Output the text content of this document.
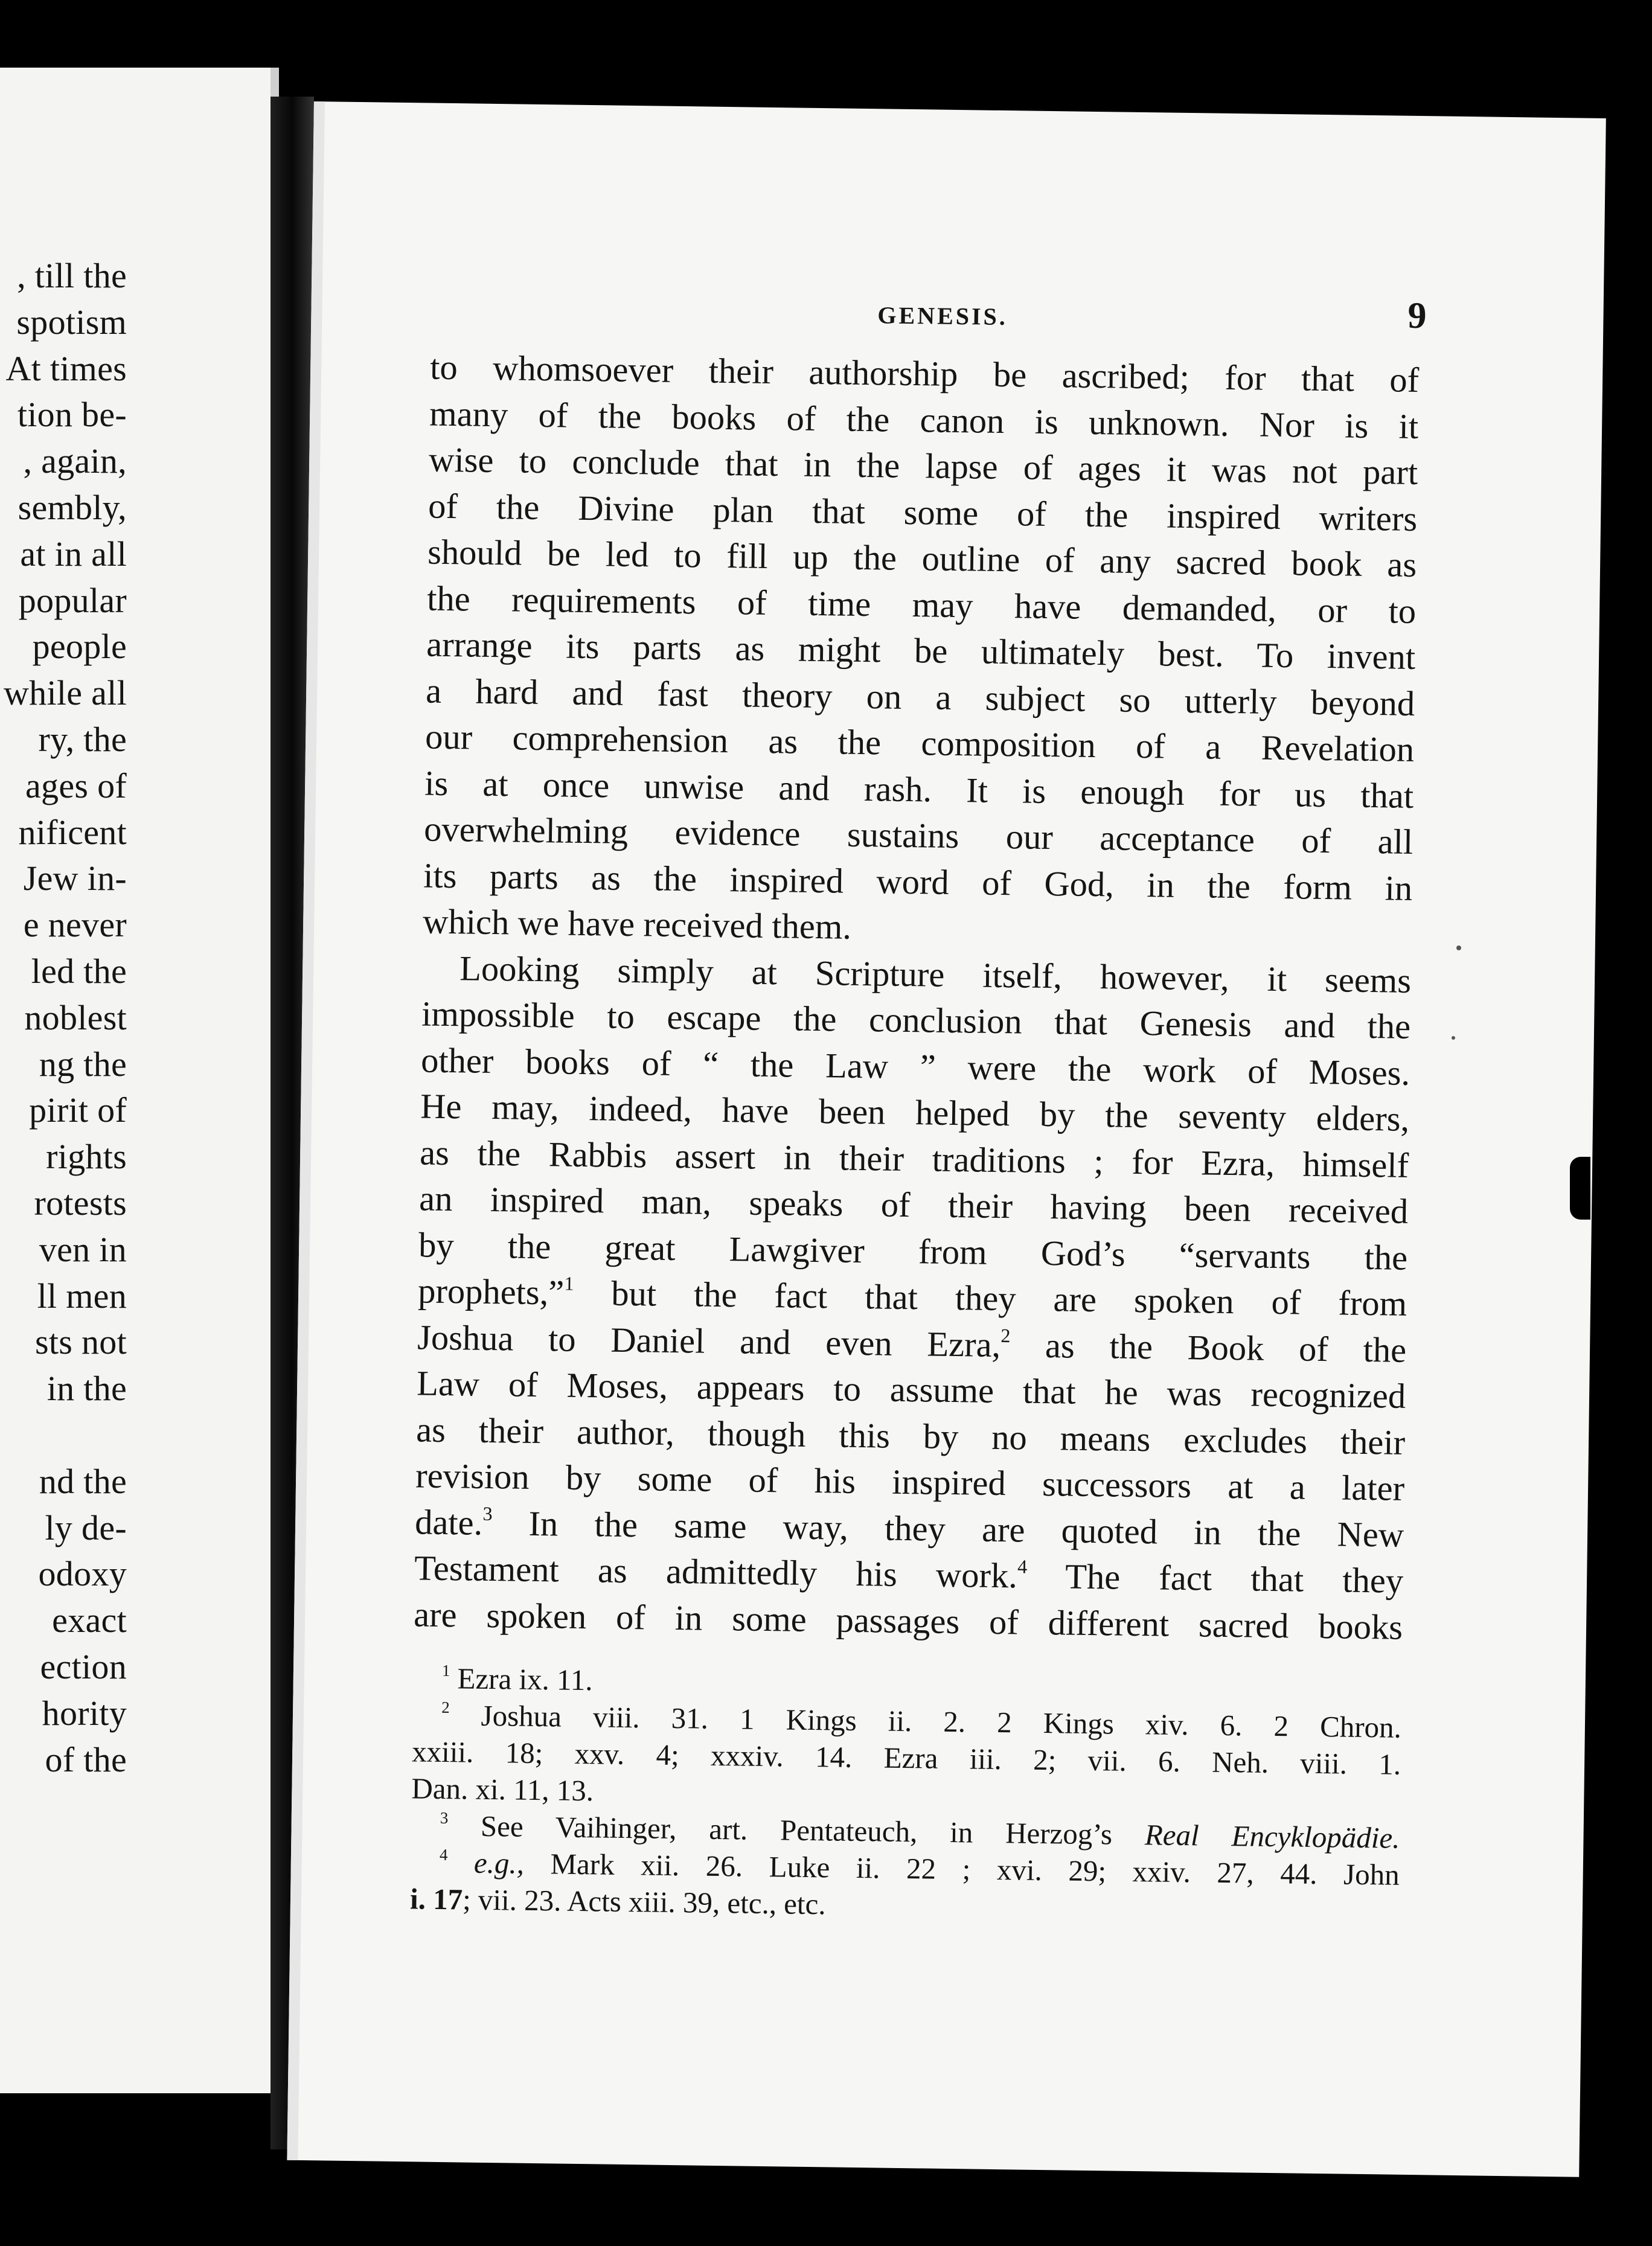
, till the
spotism
At times
tion be-
, again,
sembly,
at in all
popular
people
while all
ry, the
ages of
nificent
Jew in-
e never
led the
noblest
ng the
pirit of
rights
rotests
ven in
ll men
sts not
in the
nd the
ly de-
odoxy
exact
ection
hority
of the
GENESIS.	9
to whomsoever their authorship be ascribed; for that of
many of the books of the canon is unknown. Nor is it
wise to conclude that in the lapse of ages it was not part
of the Divine plan that some of the inspired writers
should be led to fill up the outline of any sacred book as
the requirements of time may have demanded, or to
arrange its parts as might be ultimately best. To invent
a hard and fast theory on a subject so utterly beyond
our comprehension as the composition of a Revelation
is at once unwise and rash. It is enough for us that
overwhelming evidence sustains our acceptance of all
its parts as the inspired word of God, in the form in
which we have received them.
Looking simply at Scripture itself, however, it seems
impossible to escape the conclusion that Genesis and the
other books of “ the Law ” were the work of Moses.
He may, indeed, have been helped by the seventy elders,
as the Rabbis assert in their traditions ; for Ezra, himself
an inspired man, speaks of their having been received
by the great Lawgiver from God’s “servants the
prophets,”$^1$ but the fact that they are spoken of from
Joshua to Daniel and even Ezra,$^2$ as the Book of the
Law of Moses, appears to assume that he was recognized
as their author, though this by no means excludes their
revision by some of his inspired successors at a later
date.$^3$ In the same way, they are quoted in the New
Testament as admittedly his work.$^4$ The fact that they
are spoken of in some passages of different sacred books
$^1$ Ezra ix. 11.
$^2$ Joshua viii. 31. 1 Kings ii. 2. 2 Kings xiv. 6. 2 Chron.
xxiii. 18; xxv. 4; xxxiv. 14. Ezra iii. 2; vii. 6. Neh. viii. 1.
Dan. xi. 11, 13.
$^3$ See Vaihinger, art. Pentateuch, in Herzog’s Real Encyklopädie.
$^4$ e.g., Mark xii. 26. Luke ii. 22 ; xvi. 29; xxiv. 27, 44. John
i. 17; vii. 23. Acts xiii. 39, etc., etc.
